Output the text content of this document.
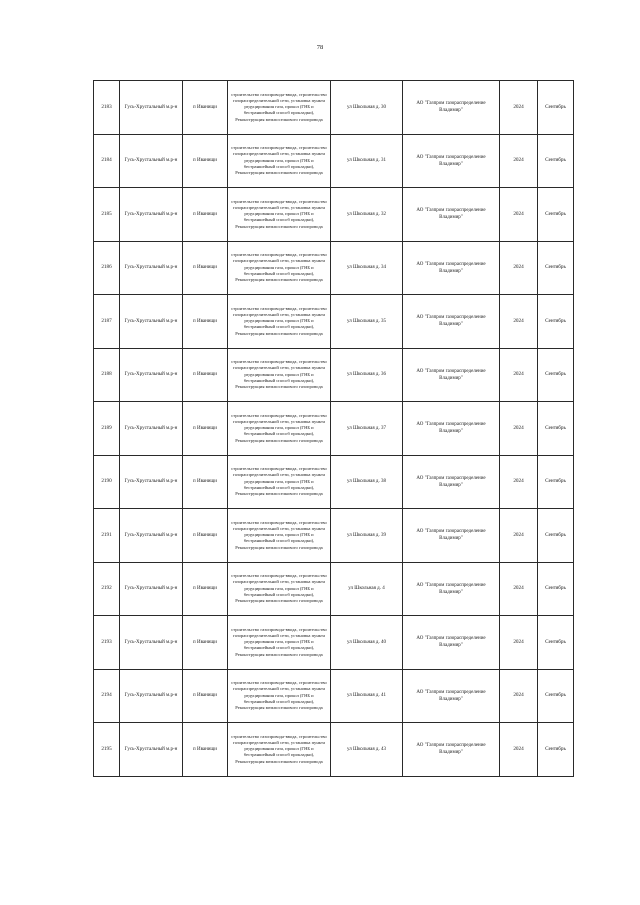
78
2183	Гусь-Хрустальный м.р-н	п Иванищи	строительство газопровода-ввода, строительство газораспределительной сети, установка пункта редуцирования газа, прокол (ГНБ и бестраншейный способ прокладки), Реконструкция межпоселкового газопровода	ул Школьная д. 30	АО "Газпром газораспределение Владимир"	2024	Сентябрь
2184	Гусь-Хрустальный м.р-н	п Иванищи	строительство газопровода-ввода, строительство газораспределительной сети, установка пункта редуцирования газа, прокол (ГНБ и бестраншейный способ прокладки), Реконструкция межпоселкового газопровода	ул Школьная д. 31	АО "Газпром газораспределение Владимир"	2024	Сентябрь
2185	Гусь-Хрустальный м.р-н	п Иванищи	строительство газопровода-ввода, строительство газораспределительной сети, установка пункта редуцирования газа, прокол (ГНБ и бестраншейный способ прокладки), Реконструкция межпоселкового газопровода	ул Школьная д. 32	АО "Газпром газораспределение Владимир"	2024	Сентябрь
2186	Гусь-Хрустальный м.р-н	п Иванищи	строительство газопровода-ввода, строительство газораспределительной сети, установка пункта редуцирования газа, прокол (ГНБ и бестраншейный способ прокладки), Реконструкция межпоселкового газопровода	ул Школьная д. 34	АО "Газпром газораспределение Владимир"	2024	Сентябрь
2187	Гусь-Хрустальный м.р-н	п Иванищи	строительство газопровода-ввода, строительство газораспределительной сети, установка пункта редуцирования газа, прокол (ГНБ и бестраншейный способ прокладки), Реконструкция межпоселкового газопровода	ул Школьная д. 35	АО "Газпром газораспределение Владимир"	2024	Сентябрь
2188	Гусь-Хрустальный м.р-н	п Иванищи	строительство газопровода-ввода, строительство газораспределительной сети, установка пункта редуцирования газа, прокол (ГНБ и бестраншейный способ прокладки), Реконструкция межпоселкового газопровода	ул Школьная д. 36	АО "Газпром газораспределение Владимир"	2024	Сентябрь
2189	Гусь-Хрустальный м.р-н	п Иванищи	строительство газопровода-ввода, строительство газораспределительной сети, установка пункта редуцирования газа, прокол (ГНБ и бестраншейный способ прокладки), Реконструкция межпоселкового газопровода	ул Школьная д. 37	АО "Газпром газораспределение Владимир"	2024	Сентябрь
2190	Гусь-Хрустальный м.р-н	п Иванищи	строительство газопровода-ввода, строительство газораспределительной сети, установка пункта редуцирования газа, прокол (ГНБ и бестраншейный способ прокладки), Реконструкция межпоселкового газопровода	ул Школьная д. 38	АО "Газпром газораспределение Владимир"	2024	Сентябрь
2191	Гусь-Хрустальный м.р-н	п Иванищи	строительство газопровода-ввода, строительство газораспределительной сети, установка пункта редуцирования газа, прокол (ГНБ и бестраншейный способ прокладки), Реконструкция межпоселкового газопровода	ул Школьная д. 39	АО "Газпром газораспределение Владимир"	2024	Сентябрь
2192	Гусь-Хрустальный м.р-н	п Иванищи	строительство газопровода-ввода, строительство газораспределительной сети, установка пункта редуцирования газа, прокол (ГНБ и бестраншейный способ прокладки), Реконструкция межпоселкового газопровода	ул Школьная д. 4	АО "Газпром газораспределение Владимир"	2024	Сентябрь
2193	Гусь-Хрустальный м.р-н	п Иванищи	строительство газопровода-ввода, строительство газораспределительной сети, установка пункта редуцирования газа, прокол (ГНБ и бестраншейный способ прокладки), Реконструкция межпоселкового газопровода	ул Школьная д. 40	АО "Газпром газораспределение Владимир"	2024	Сентябрь
2194	Гусь-Хрустальный м.р-н	п Иванищи	строительство газопровода-ввода, строительство газораспределительной сети, установка пункта редуцирования газа, прокол (ГНБ и бестраншейный способ прокладки), Реконструкция межпоселкового газопровода	ул Школьная д. 41	АО "Газпром газораспределение Владимир"	2024	Сентябрь
2195	Гусь-Хрустальный м.р-н	п Иванищи	строительство газопровода-ввода, строительство газораспределительной сети, установка пункта редуцирования газа, прокол (ГНБ и бестраншейный способ прокладки), Реконструкция межпоселкового газопровода	ул Школьная д. 43	АО "Газпром газораспределение Владимир"	2024	Сентябрь
